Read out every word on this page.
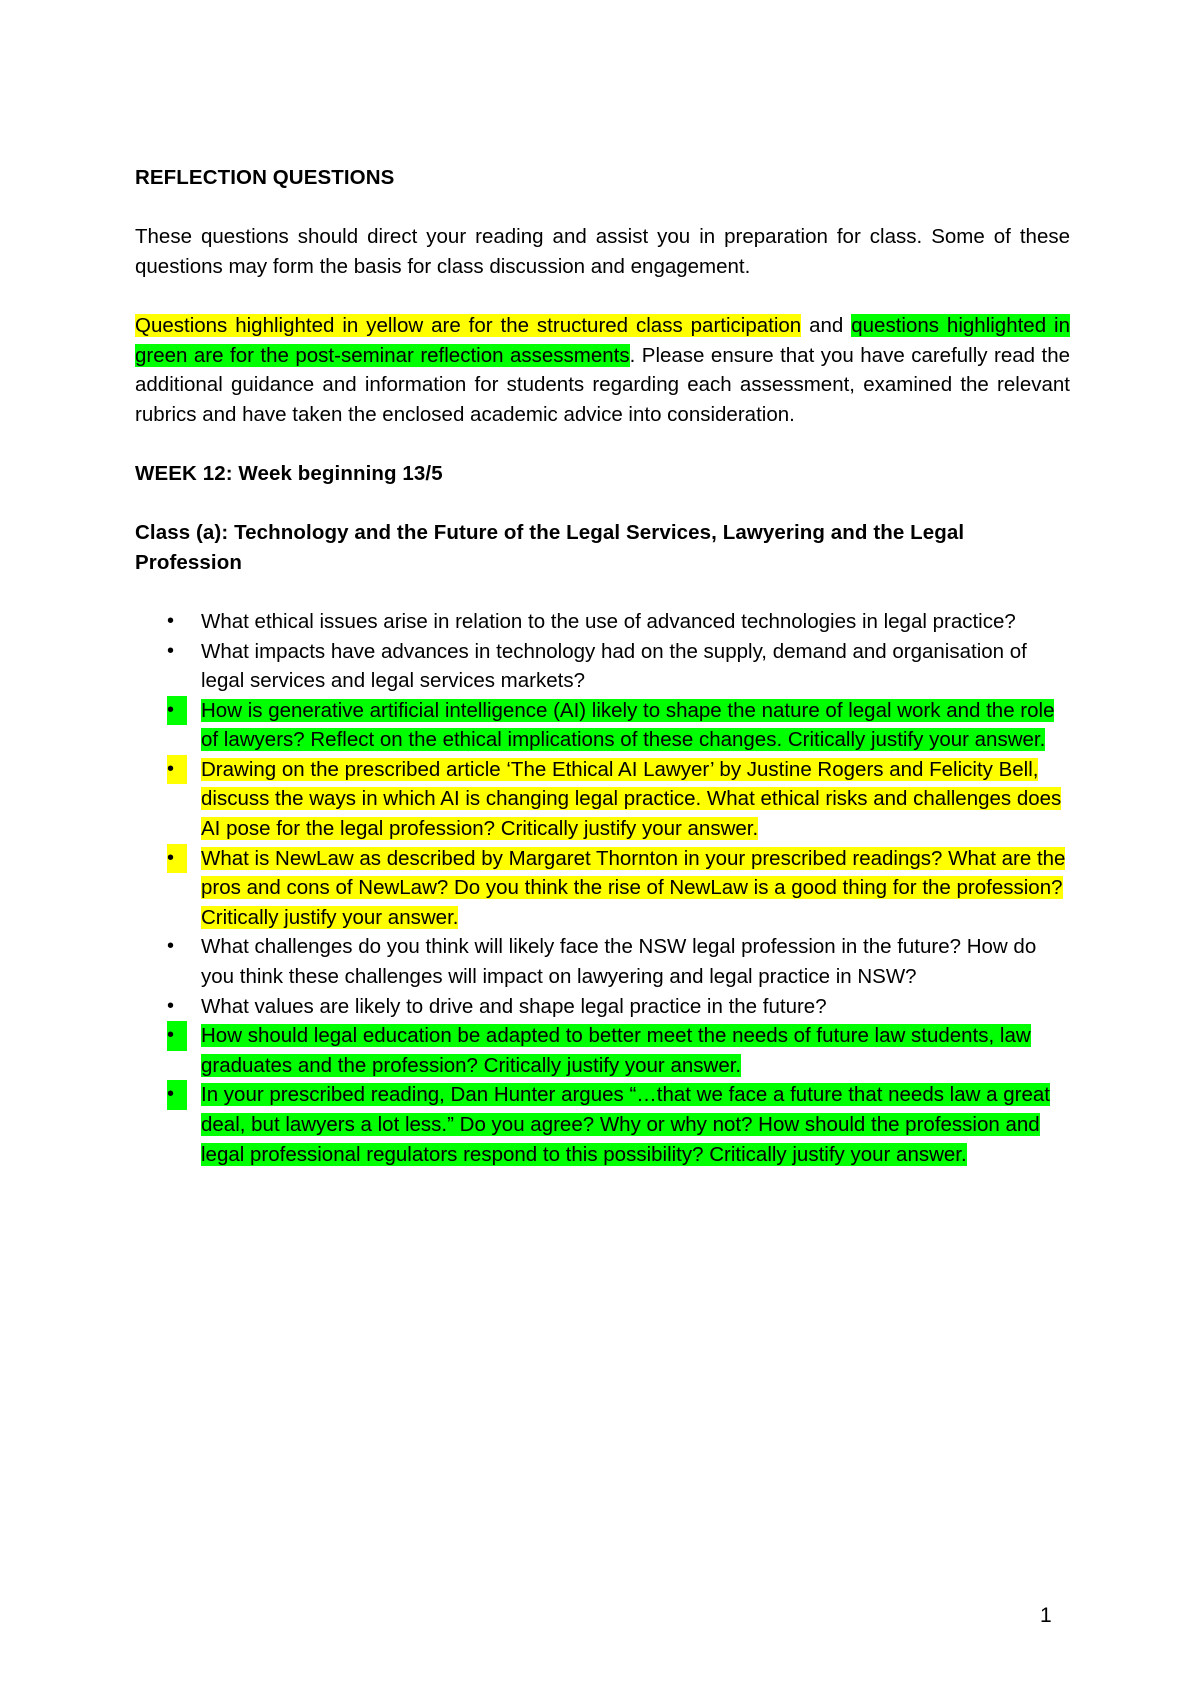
REFLECTION QUESTIONS

These questions should direct your reading and assist you in preparation for class. Some of these questions may form the basis for class discussion and engagement.

Questions highlighted in yellow are for the structured class participation and questions highlighted in green are for the post-seminar reflection assessments. Please ensure that you have carefully read the additional guidance and information for students regarding each assessment, examined the relevant rubrics and have taken the enclosed academic advice into consideration.

WEEK 12: Week beginning 13/5

Class (a): Technology and the Future of the Legal Services, Lawyering and the Legal Profession

•	What ethical issues arise in relation to the use of advanced technologies in legal practice?
•	What impacts have advances in technology had on the supply, demand and organisation of legal services and legal services markets?
•	How is generative artificial intelligence (AI) likely to shape the nature of legal work and the role of lawyers? Reflect on the ethical implications of these changes. Critically justify your answer.
•	Drawing on the prescribed article ‘The Ethical AI Lawyer’ by Justine Rogers and Felicity Bell, discuss the ways in which AI is changing legal practice. What ethical risks and challenges does AI pose for the legal profession? Critically justify your answer.
•	What is NewLaw as described by Margaret Thornton in your prescribed readings? What are the pros and cons of NewLaw? Do you think the rise of NewLaw is a good thing for the profession? Critically justify your answer.
•	What challenges do you think will likely face the NSW legal profession in the future? How do you think these challenges will impact on lawyering and legal practice in NSW?
•	What values are likely to drive and shape legal practice in the future?
•	How should legal education be adapted to better meet the needs of future law students, law graduates and the profession? Critically justify your answer.
•	In your prescribed reading, Dan Hunter argues “…that we face a future that needs law a great deal, but lawyers a lot less.” Do you agree? Why or why not? How should the profession and legal professional regulators respond to this possibility? Critically justify your answer.
1
